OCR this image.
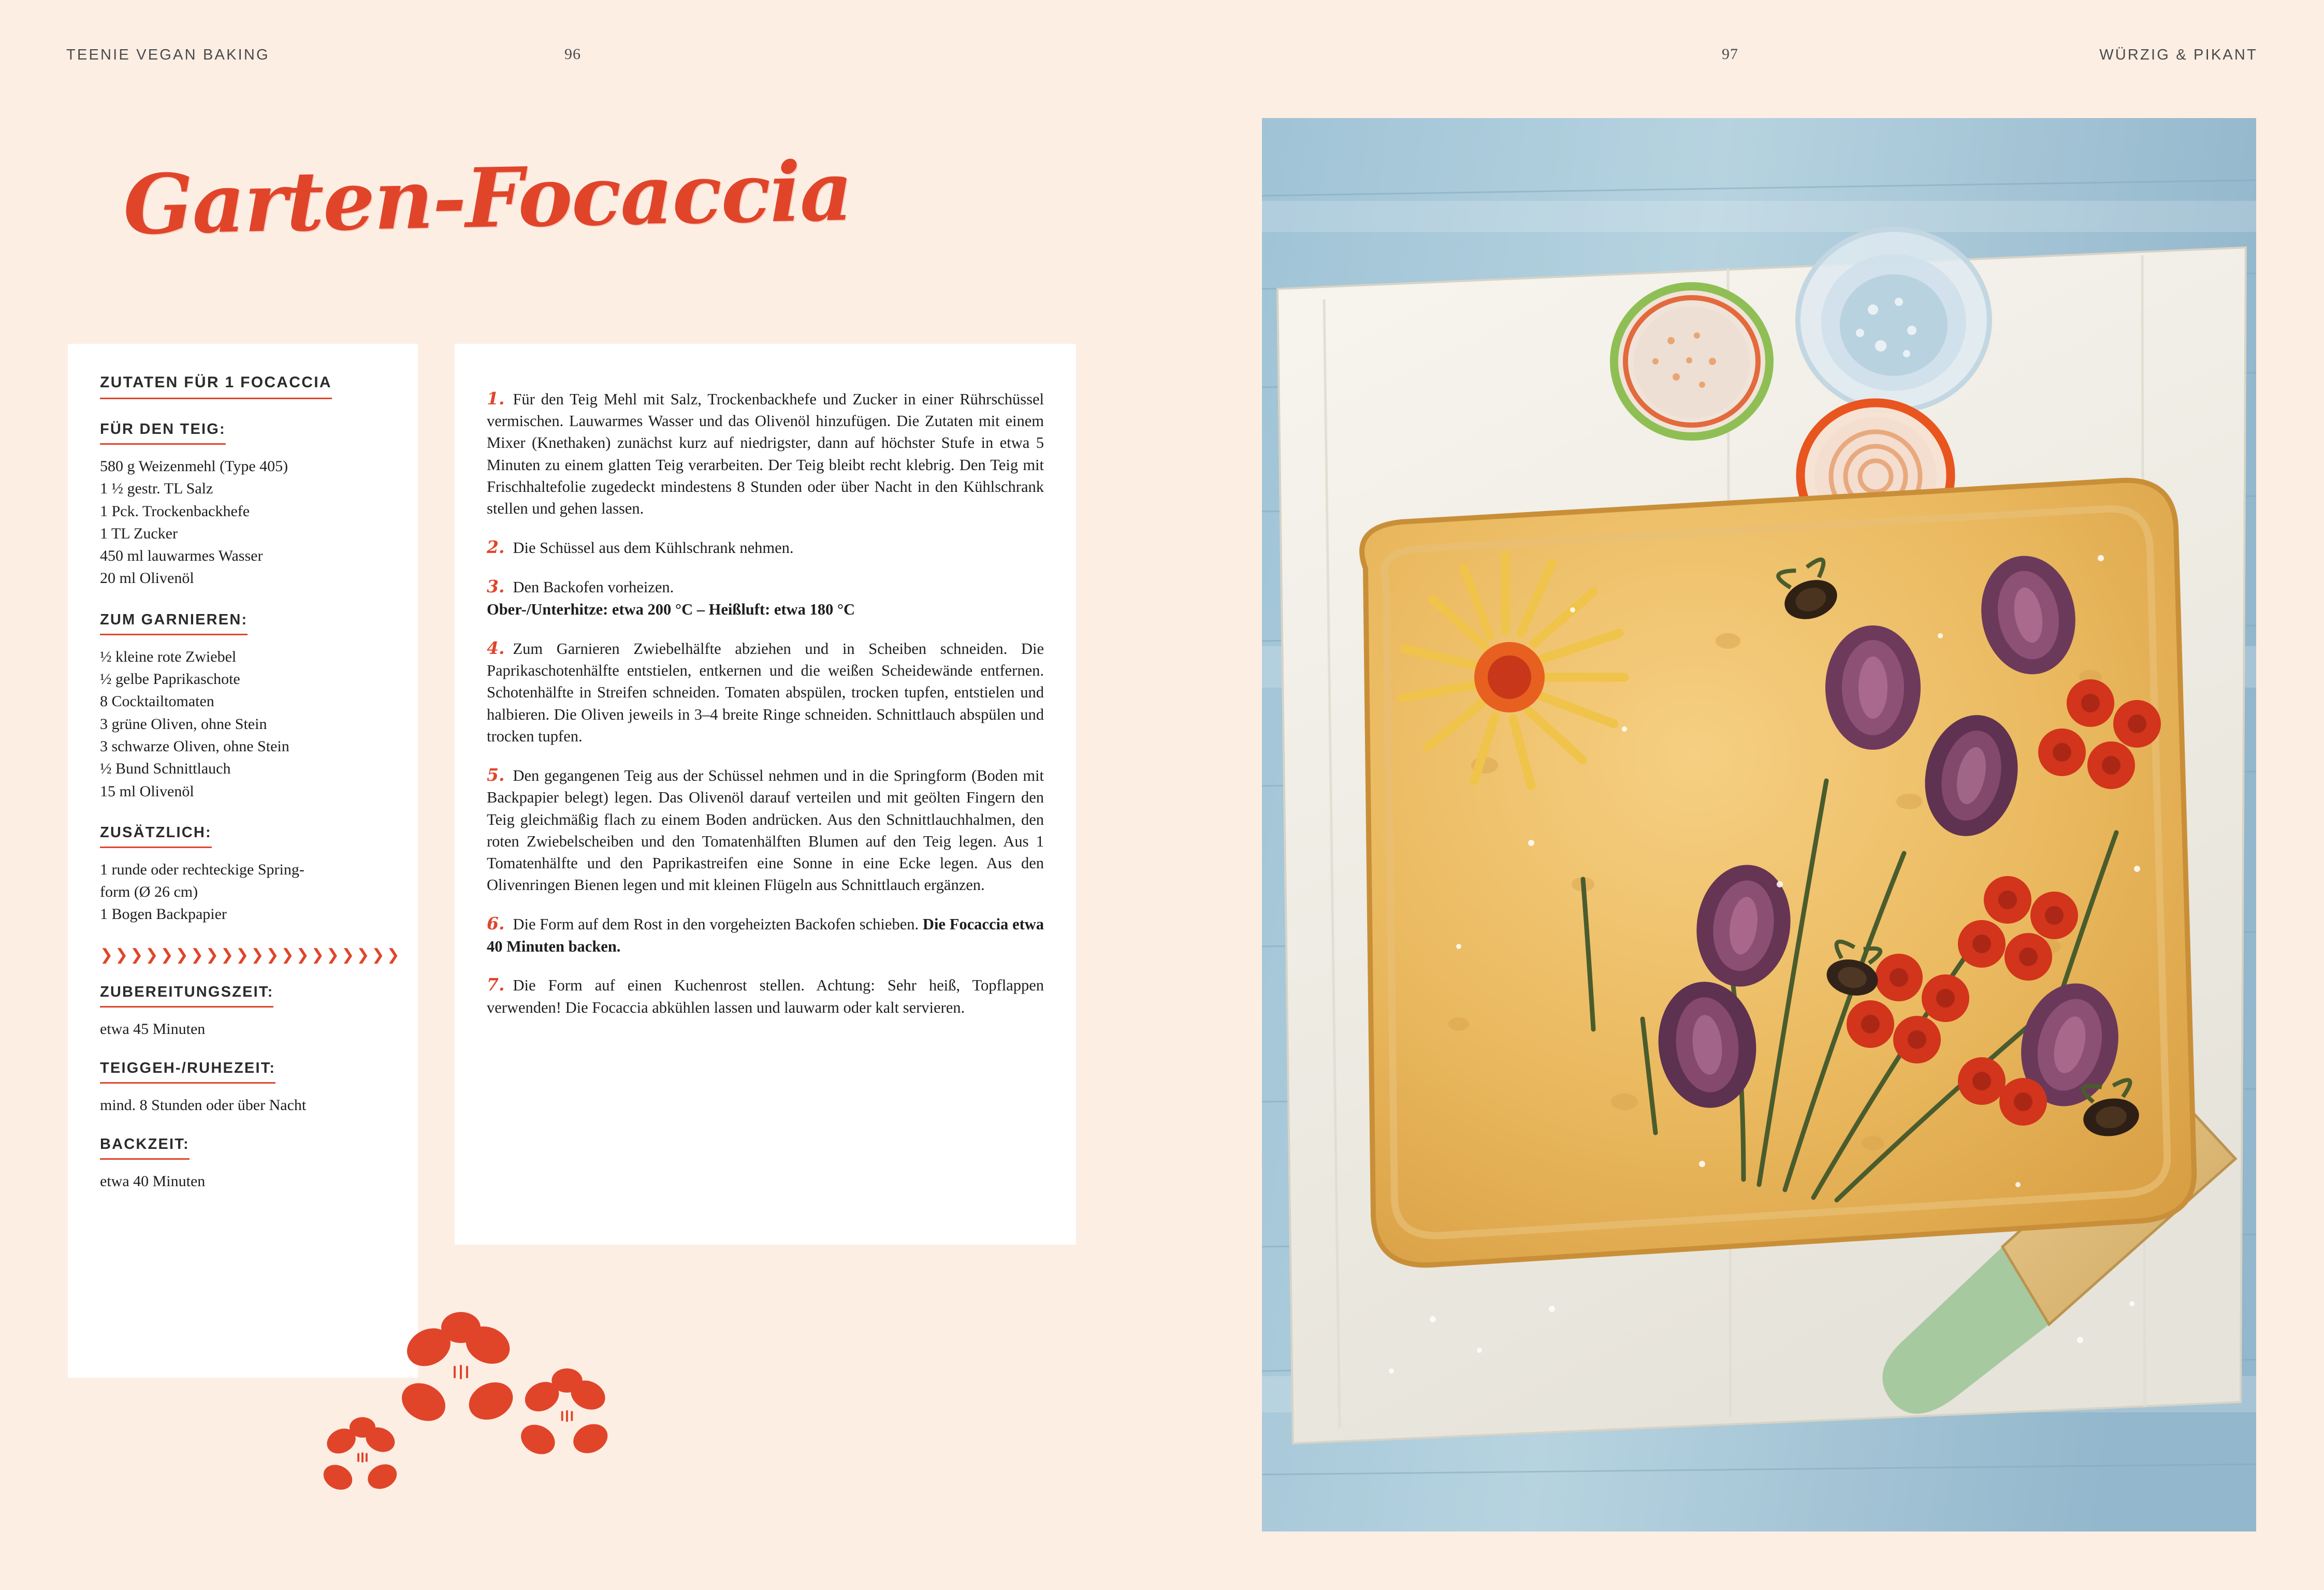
TEENIE VEGAN BAKING	96	97	WÜRZIG & PIKANT
Garten-Focaccia
ZUTATEN FÜR 1 FOCACCIA
FÜR DEN TEIG:
580 g Weizenmehl (Type 405)
1 ½ gestr. TL Salz
1 Pck. Trockenbackhefe
1 TL Zucker
450 ml lauwarmes Wasser
20 ml Olivenöl
ZUM GARNIEREN:
½ kleine rote Zwiebel
½ gelbe Paprikaschote
8 Cocktailtomaten
3 grüne Oliven, ohne Stein
3 schwarze Oliven, ohne Stein
½ Bund Schnittlauch
15 ml Olivenöl
ZUSÄTZLICH:
1 runde oder rechteckige Spring-
form (Ø 26 cm)
1 Bogen Backpapier
❯❯❯❯❯❯❯❯❯❯❯❯❯❯❯❯❯❯❯❯
ZUBEREITUNGSZEIT:
etwa 45 Minuten
TEIGGEH-/RUHEZEIT:
mind. 8 Stunden oder über Nacht
BACKZEIT:
etwa 40 Minuten

1. Für den Teig Mehl mit Salz, Trockenbackhefe und Zucker in einer Rührschüssel vermischen. Lauwarmes Wasser und das Olivenöl hinzufügen. Die Zutaten mit einem Mixer (Knethaken) zunächst kurz auf niedrigster, dann auf höchster Stufe in etwa 5 Minuten zu einem glatten Teig verarbeiten. Der Teig bleibt recht klebrig. Den Teig mit Frischhaltefolie zugedeckt mindestens 8 Stunden oder über Nacht in den Kühlschrank stellen und gehen lassen.

2. Die Schüssel aus dem Kühlschrank nehmen.

3. Den Backofen vorheizen.
Ober-/Unterhitze: etwa 200 °C – Heißluft: etwa 180 °C

4. Zum Garnieren Zwiebelhälfte abziehen und in Scheiben schneiden. Die Paprikaschotenhälfte entstielen, entkernen und die weißen Scheidewände entfernen. Schotenhälfte in Streifen schneiden. Tomaten abspülen, trocken tupfen, entstielen und halbieren. Die Oliven jeweils in 3–4 breite Ringe schneiden. Schnittlauch abspülen und trocken tupfen.

5. Den gegangenen Teig aus der Schüssel nehmen und in die Springform (Boden mit Backpapier belegt) legen. Das Olivenöl darauf verteilen und mit geölten Fingern den Teig gleichmäßig flach zu einem Boden andrücken. Aus den Schnittlauchhalmen, den roten Zwiebelscheiben und den Tomatenhälften Blumen auf den Teig legen. Aus 1 Tomatenhälfte und den Paprikastreifen eine Sonne in eine Ecke legen. Aus den Olivenringen Bienen legen und mit kleinen Flügeln aus Schnittlauch ergänzen.

6. Die Form auf dem Rost in den vorgeheizten Backofen schieben. Die Focaccia etwa 40 Minuten backen.

7. Die Form auf einen Kuchenrost stellen. Achtung: Sehr heiß, Topflappen verwenden! Die Focaccia abkühlen lassen und lauwarm oder kalt servieren.
